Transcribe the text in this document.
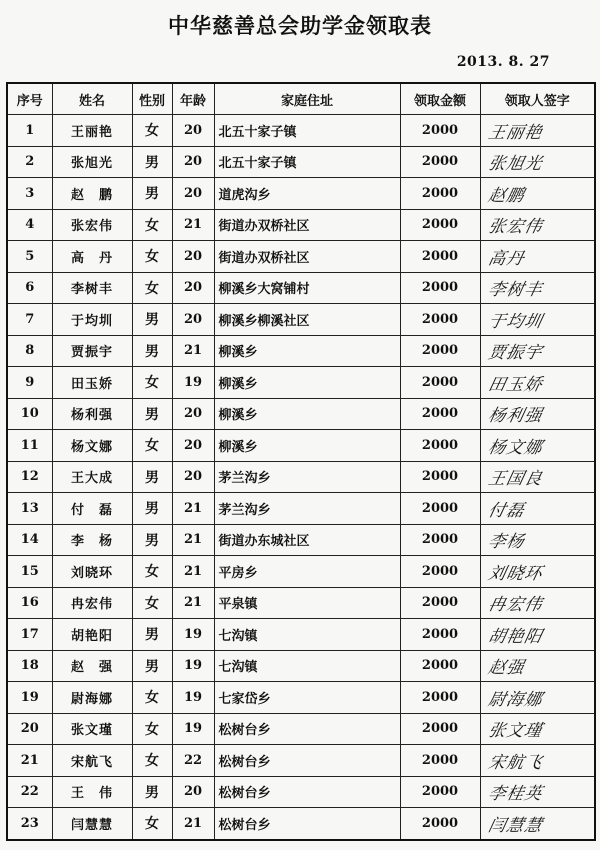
中华慈善总会助学金领取表
2013. 8. 27
序号	姓名	性别	年龄	家庭住址	领取金额	领取人签字
1	王丽艳	女	20	北五十家子镇	2000	王丽艳
2	张旭光	男	20	北五十家子镇	2000	张旭光
3	赵　鹏	男	20	道虎沟乡	2000	赵鹏
4	张宏伟	女	21	街道办双桥社区	2000	张宏伟
5	高　丹	女	20	街道办双桥社区	2000	高丹
6	李树丰	女	20	柳溪乡大窝铺村	2000	李树丰
7	于均圳	男	20	柳溪乡柳溪社区	2000	于均圳
8	贾振宇	男	21	柳溪乡	2000	贾振宇
9	田玉娇	女	19	柳溪乡	2000	田玉娇
10	杨利强	男	20	柳溪乡	2000	杨利强
11	杨文娜	女	20	柳溪乡	2000	杨文娜
12	王大成	男	20	茅兰沟乡	2000	王国良
13	付　磊	男	21	茅兰沟乡	2000	付磊
14	李　杨	男	21	街道办东城社区	2000	李杨
15	刘晓环	女	21	平房乡	2000	刘晓环
16	冉宏伟	女	21	平泉镇	2000	冉宏伟
17	胡艳阳	男	19	七沟镇	2000	胡艳阳
18	赵　强	男	19	七沟镇	2000	赵强
19	尉海娜	女	19	七家岱乡	2000	尉海娜
20	张文瑾	女	19	松树台乡	2000	张文瑾
21	宋航飞	女	22	松树台乡	2000	宋航飞
22	王　伟	男	20	松树台乡	2000	李桂英
23	闫慧慧	女	21	松树台乡	2000	闫慧慧
